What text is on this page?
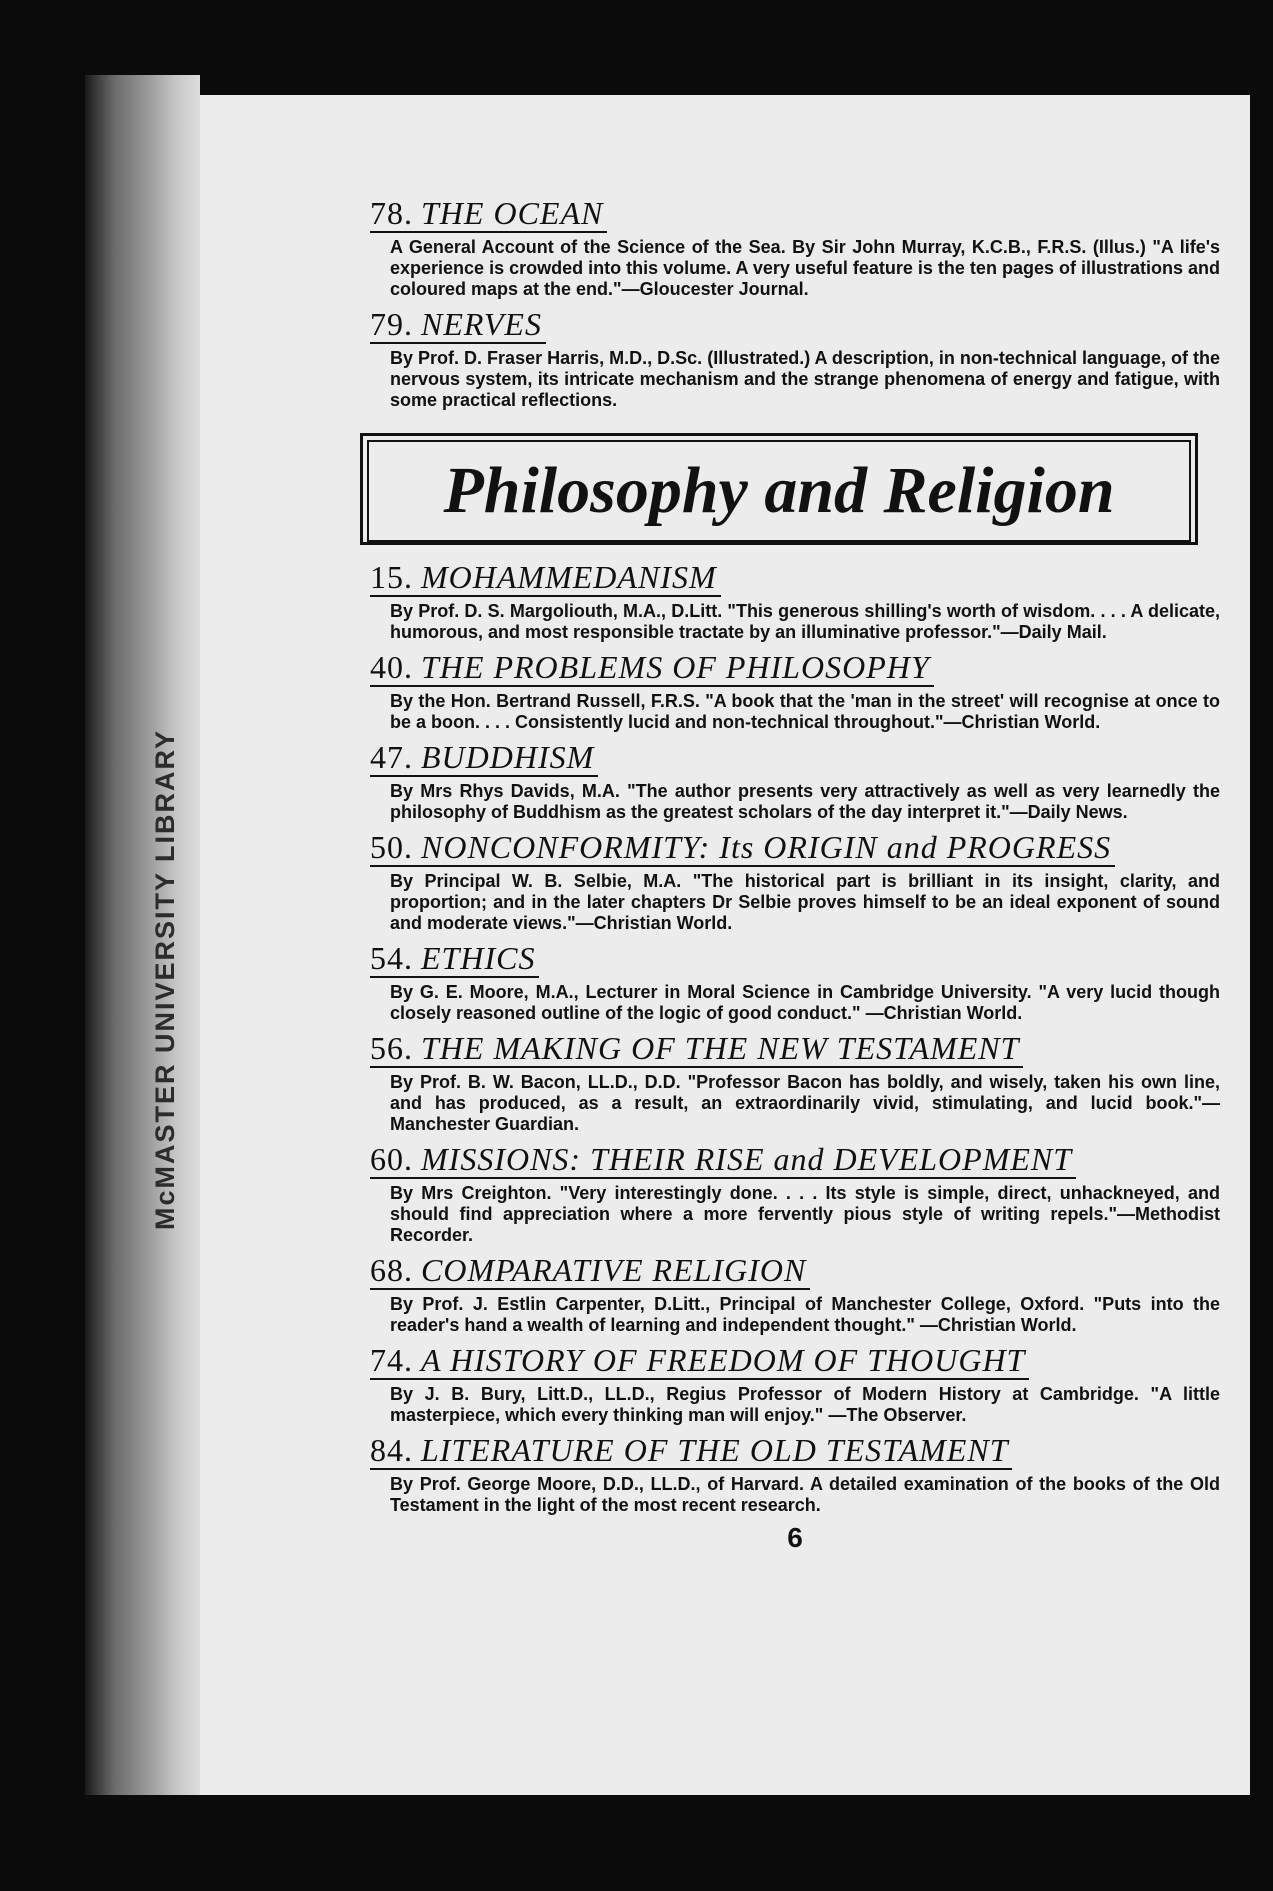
McMASTER UNIVERSITY LIBRARY
78. THE OCEAN

A General Account of the Science of the Sea. By Sir John Murray, K.C.B., F.R.S. (Illus.) "A life's experience is crowded into this volume. A very useful feature is the ten pages of illustrations and coloured maps at the end."—Gloucester Journal.

79. NERVES

By Prof. D. Fraser Harris, M.D., D.Sc. (Illustrated.) A description, in non-technical language, of the nervous system, its intricate mechanism and the strange phenomena of energy and fatigue, with some practical reflections.

Philosophy and Religion
15. MOHAMMEDANISM

By Prof. D. S. Margoliouth, M.A., D.Litt. "This generous shilling's worth of wisdom. . . . A delicate, humorous, and most responsible tractate by an illuminative professor."—Daily Mail.

40. THE PROBLEMS OF PHILOSOPHY

By the Hon. Bertrand Russell, F.R.S. "A book that the 'man in the street' will recognise at once to be a boon. . . . Consistently lucid and non-technical throughout."—Christian World.

47. BUDDHISM

By Mrs Rhys Davids, M.A. "The author presents very attractively as well as very learnedly the philosophy of Buddhism as the greatest scholars of the day interpret it."—Daily News.

50. NONCONFORMITY: Its ORIGIN and PROGRESS

By Principal W. B. Selbie, M.A. "The historical part is brilliant in its insight, clarity, and proportion; and in the later chapters Dr Selbie proves himself to be an ideal exponent of sound and moderate views."—Christian World.

54. ETHICS

By G. E. Moore, M.A., Lecturer in Moral Science in Cambridge University. "A very lucid though closely reasoned outline of the logic of good conduct." —Christian World.

56. THE MAKING OF THE NEW TESTAMENT

By Prof. B. W. Bacon, LL.D., D.D. "Professor Bacon has boldly, and wisely, taken his own line, and has produced, as a result, an extraordinarily vivid, stimulating, and lucid book."—Manchester Guardian.

60. MISSIONS: THEIR RISE and DEVELOPMENT

By Mrs Creighton. "Very interestingly done. . . . Its style is simple, direct, unhackneyed, and should find appreciation where a more fervently pious style of writing repels."—Methodist Recorder.

68. COMPARATIVE RELIGION

By Prof. J. Estlin Carpenter, D.Litt., Principal of Manchester College, Oxford. "Puts into the reader's hand a wealth of learning and independent thought." —Christian World.

74. A HISTORY OF FREEDOM OF THOUGHT

By J. B. Bury, Litt.D., LL.D., Regius Professor of Modern History at Cambridge. "A little masterpiece, which every thinking man will enjoy." —The Observer.

84. LITERATURE OF THE OLD TESTAMENT

By Prof. George Moore, D.D., LL.D., of Harvard. A detailed examination of the books of the Old Testament in the light of the most recent research.

6
